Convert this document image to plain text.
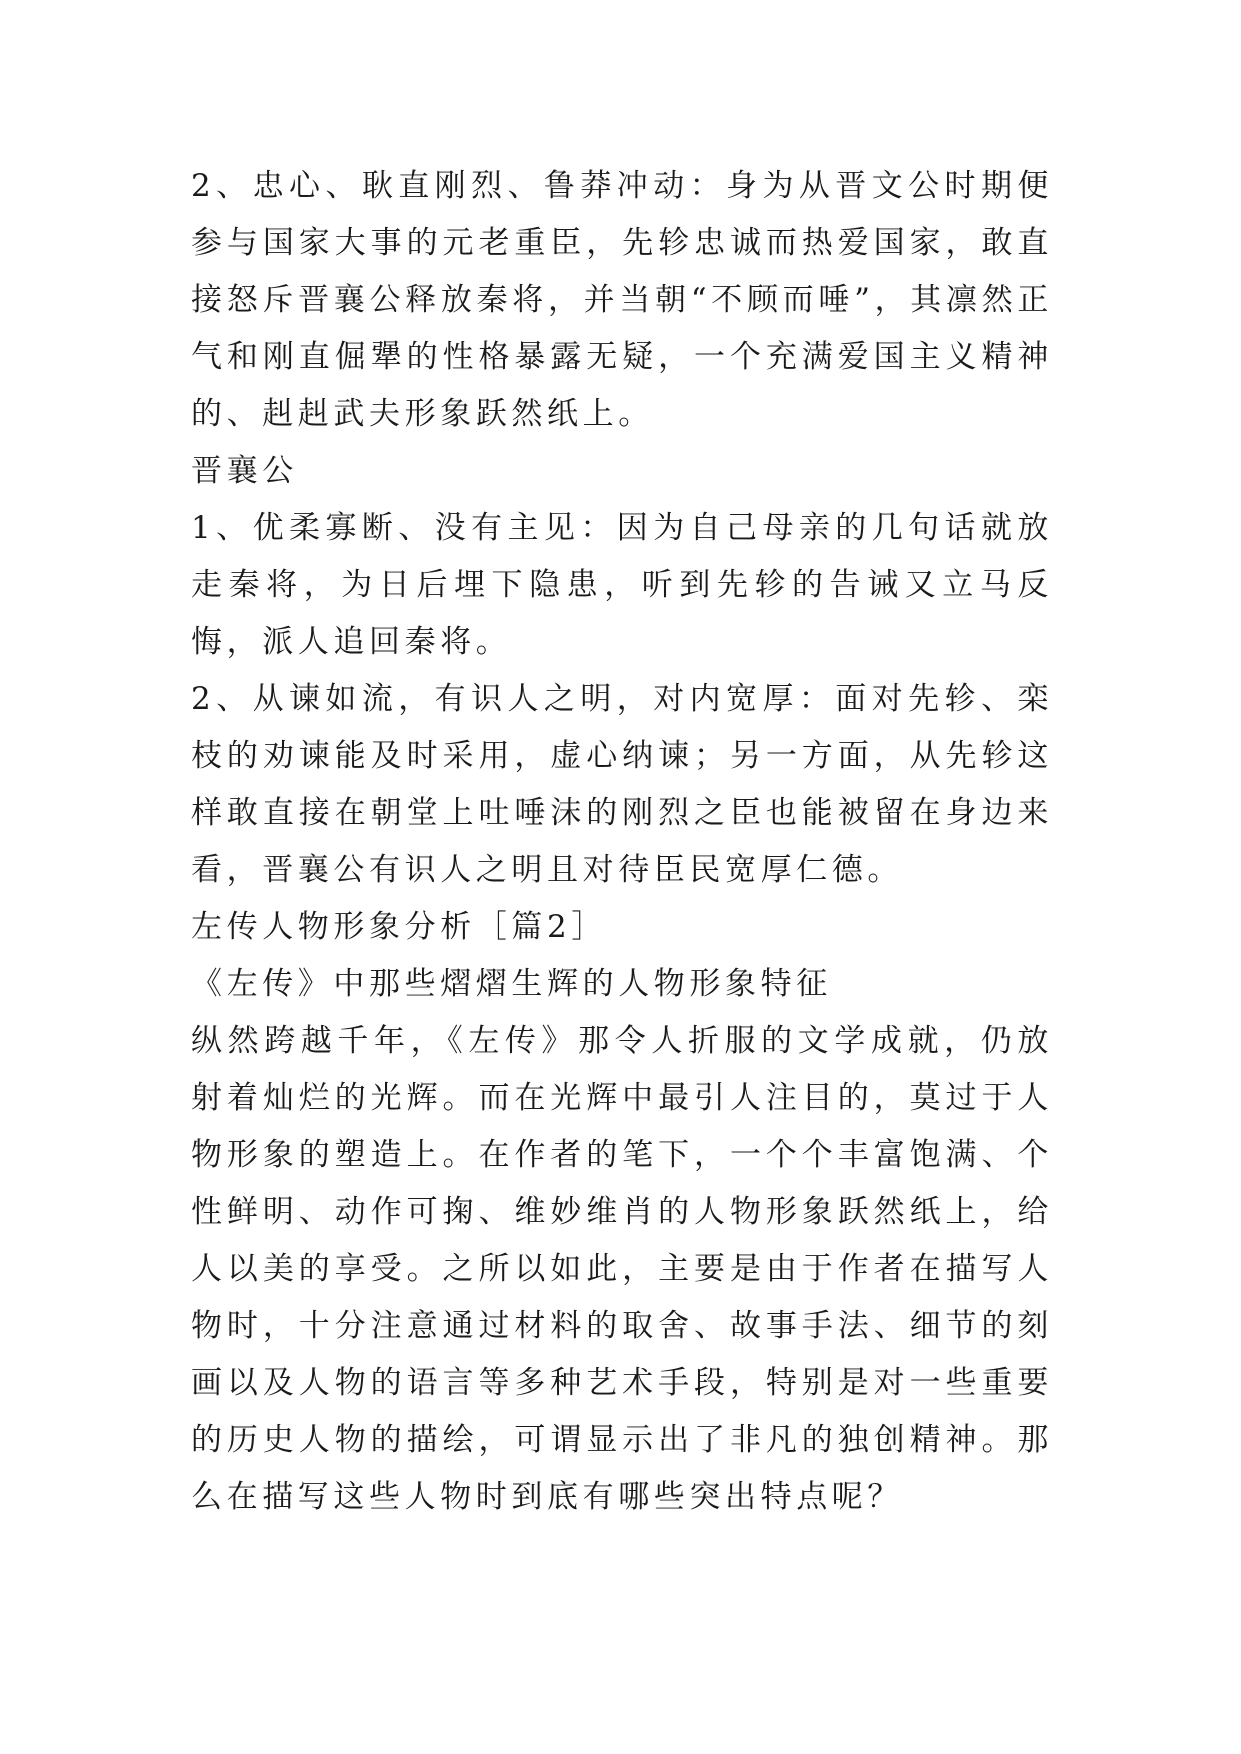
2、忠心、耿直刚烈、鲁莽冲动：身为从晋文公时期便参与国家大事的元老重臣，先轸忠诚而热爱国家，敢直接怒斥晋襄公释放秦将，并当朝“不顾而唾”，其凛然正气和刚直倔犟的性格暴露无疑，一个充满爱国主义精神的、赳赳武夫形象跃然纸上。

晋襄公

1、优柔寡断、没有主见：因为自己母亲的几句话就放走秦将，为日后埋下隐患，听到先轸的告诫又立马反悔，派人追回秦将。

2、从谏如流，有识人之明，对内宽厚：面对先轸、栾枝的劝谏能及时采用，虚心纳谏；另一方面，从先轸这样敢直接在朝堂上吐唾沫的刚烈之臣也能被留在身边来看，晋襄公有识人之明且对待臣民宽厚仁德。

左传人物形象分析［篇2］

《左传》中那些熠熠生辉的人物形象特征

纵然跨越千年，《左传》那令人折服的文学成就，仍放射着灿烂的光辉。而在光辉中最引人注目的，莫过于人物形象的塑造上。在作者的笔下，一个个丰富饱满、个性鲜明、动作可掬、维妙维肖的人物形象跃然纸上，给人以美的享受。之所以如此，主要是由于作者在描写人物时，十分注意通过材料的取舍、故事手法、细节的刻画以及人物的语言等多种艺术手段，特别是对一些重要的历史人物的描绘，可谓显示出了非凡的独创精神。那么在描写这些人物时到底有哪些突出特点呢？
